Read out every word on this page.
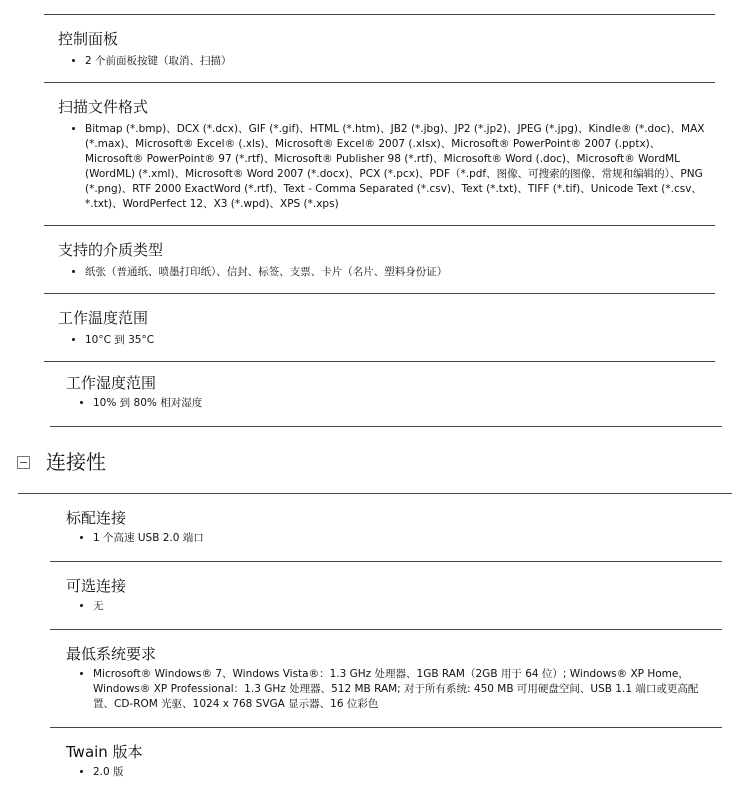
控制面板
• 2 个前面板按键（取消、扫描）
扫描文件格式
• Bitmap (*.bmp)、DCX (*.dcx)、GIF (*.gif)、HTML (*.htm)、JB2 (*.jbg)、JP2 (*.jp2)、JPEG (*.jpg)、Kindle® (*.doc)、MAX (*.max)、Microsoft® Excel® (.xls)、Microsoft® Excel® 2007 (.xlsx)、Microsoft® PowerPoint® 2007 (.pptx)、Microsoft® PowerPoint® 97 (*.rtf)、Microsoft® Publisher 98 (*.rtf)、Microsoft® Word (.doc)、Microsoft® WordML (WordML) (*.xml)、Microsoft® Word 2007 (*.docx)、PCX (*.pcx)、PDF（*.pdf、图像、可搜索的图像、常规和编辑的）、PNG (*.png)、RTF 2000 ExactWord (*.rtf)、Text - Comma Separated (*.csv)、Text (*.txt)、TIFF (*.tif)、Unicode Text (*.csv、*.txt)、WordPerfect 12、X3 (*.wpd)、XPS (*.xps)
支持的介质类型
• 纸张（普通纸、喷墨打印纸）、信封、标签、支票、卡片（名片、塑料身份证）
工作温度范围
• 10°C 到 35°C
工作湿度范围
• 10% 到 80% 相对湿度
连接性
标配连接
• 1 个高速 USB 2.0 端口
可选连接
• 无
最低系统要求
• Microsoft® Windows® 7、Windows Vista®：1.3 GHz 处理器、1GB RAM（2GB 用于 64 位）; Windows® XP Home，Windows® XP Professional：1.3 GHz 处理器、512 MB RAM; 对于所有系统: 450 MB 可用硬盘空间、USB 1.1 端口或更高配置、CD-ROM 光驱、1024 x 768 SVGA 显示器、16 位彩色
Twain 版本
• 2.0 版
